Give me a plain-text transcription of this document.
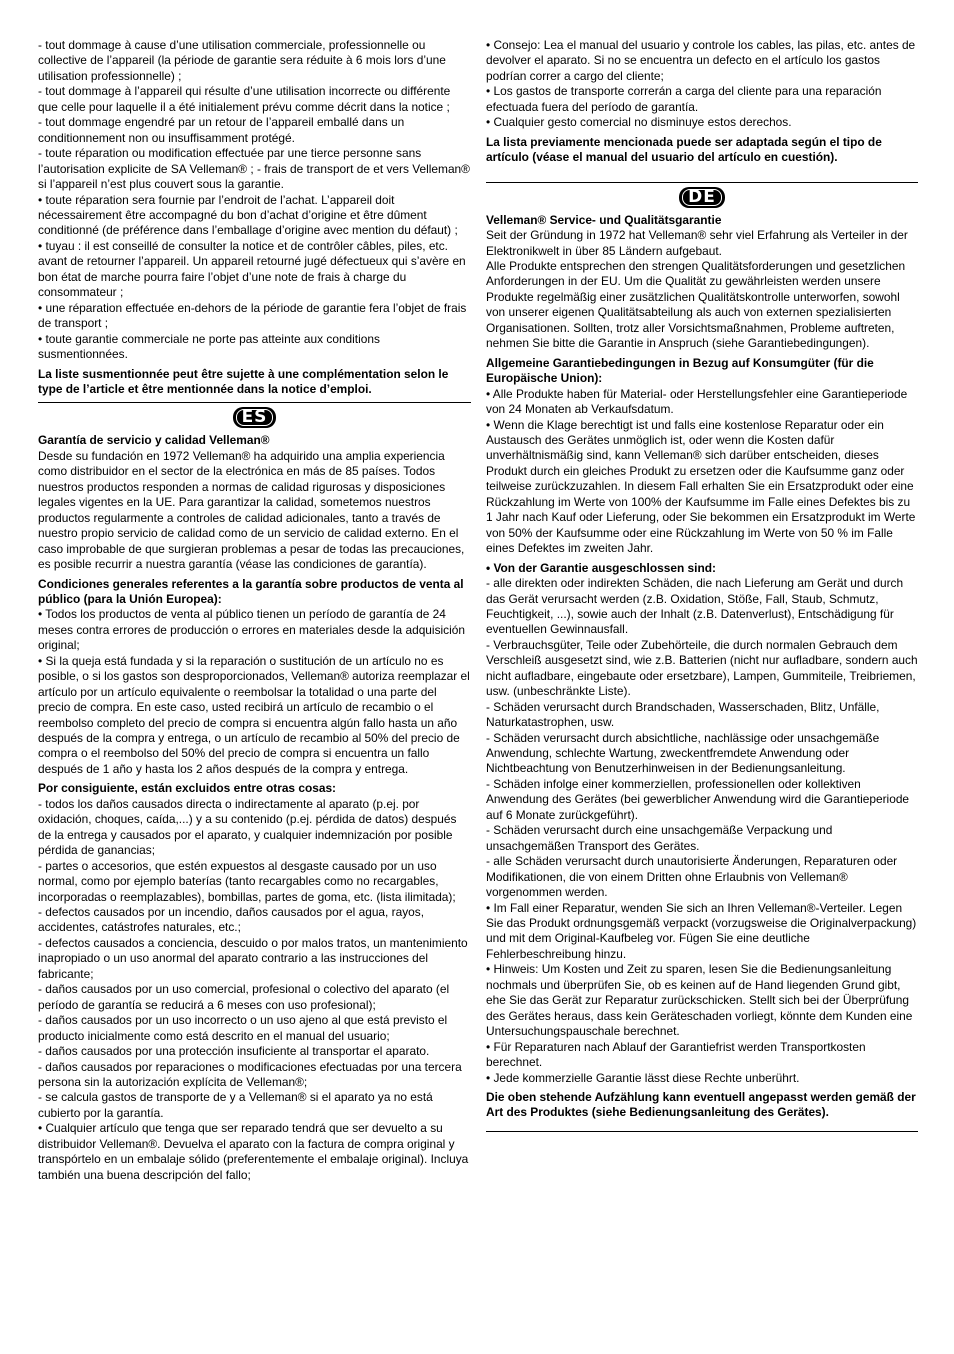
- tout dommage à cause d’une utilisation commerciale, professionnelle ou collective de l’appareil (la période de garantie sera réduite à 6 mois lors d’une utilisation professionnelle) ;

- tout dommage à l’appareil qui résulte d’une utilisation incorrecte ou différente que celle pour laquelle il a été initialement prévu comme décrit dans la notice ;

- tout dommage engendré par un retour de l’appareil emballé dans un conditionnement non ou insuffisamment protégé.

- toute réparation ou modification effectuée par une tierce personne sans l’autorisation explicite de SA Velleman® ; - frais de transport de et vers Velleman® si l’appareil n’est plus couvert sous la garantie.

• toute réparation sera fournie par l’endroit de l’achat. L’appareil doit nécessairement être accompagné du bon d’achat d’origine et être dûment conditionné (de préférence dans l’emballage d’origine avec mention du défaut) ;

• tuyau : il est conseillé de consulter la notice et de contrôler câbles, piles, etc. avant de retourner l’appareil. Un appareil retourné jugé défectueux qui s’avère en bon état de marche pourra faire l’objet d’une note de frais à charge du consommateur ;

• une réparation effectuée en-dehors de la période de garantie fera l’objet de frais de transport ;

• toute garantie commerciale ne porte pas atteinte aux conditions susmentionnées.

La liste susmentionnée peut être sujette à une complémentation selon le type de l’article et être mentionnée dans la notice d’emploi.

ES

Garantía de servicio y calidad Velleman®

Desde su fundación en 1972 Velleman® ha adquirido una amplia experiencia como distribuidor en el sector de la electrónica en más de 85 países. Todos nuestros productos responden a normas de calidad rigurosas y disposiciones legales vigentes en la UE. Para garantizar la calidad, sometemos nuestros productos regularmente a controles de calidad adicionales, tanto a través de nuestro propio servicio de calidad como de un servicio de calidad externo. En el caso improbable de que surgieran problemas a pesar de todas las precauciones, es posible recurrir a nuestra garantía (véase las condiciones de garantía).

Condiciones generales referentes a la garantía sobre productos de venta al público (para la Unión Europea):

• Todos los productos de venta al público tienen un período de garantía de 24 meses contra errores de producción o errores en materiales desde la adquisición original;

• Si la queja está fundada y si la reparación o sustitución de un artículo no es posible, o si los gastos son desproporcionados, Velleman® autoriza reemplazar el artículo por un artículo equivalente o reembolsar la totalidad o una parte del precio de compra. En este caso, usted recibirá un artículo de recambio o el reembolso completo del precio de compra si encuentra algún fallo hasta un año después de la compra y entrega, o un artículo de recambio al 50% del precio de compra o el reembolso del 50% del precio de compra si encuentra un fallo después de 1 año y hasta los 2 años después de la compra y entrega.

Por consiguiente, están excluidos entre otras cosas:

- todos los daños causados directa o indirectamente al aparato (p.ej. por oxidación, choques, caída,...) y a su contenido (p.ej. pérdida de datos) después de la entrega y causados por el aparato, y cualquier indemnización por posible pérdida de ganancias;

- partes o accesorios, que estén expuestos al desgaste causado por un uso normal, como por ejemplo baterías (tanto recargables como no recargables, incorporadas o reemplazables), bombillas, partes de goma, etc. (lista ilimitada);

- defectos causados por un incendio, daños causados por el agua, rayos, accidentes, catástrofes naturales, etc.;

- defectos causados a conciencia, descuido o por malos tratos, un mantenimiento inapropiado o un uso anormal del aparato contrario a las instrucciones del fabricante;

- daños causados por un uso comercial, profesional o colectivo del aparato (el período de garantía se reducirá a 6 meses con uso profesional);

- daños causados por un uso incorrecto o un uso ajeno al que está previsto el producto inicialmente como está descrito en el manual del usuario;

- daños causados por una protección insuficiente al transportar el aparato.

- daños causados por reparaciones o modificaciones efectuadas por una tercera persona sin la autorización explícita de Velleman®;

- se calcula gastos de transporte de y a Velleman® si el aparato ya no está cubierto por la garantía.

• Cualquier artículo que tenga que ser reparado tendrá que ser devuelto a su distribuidor Velleman®. Devuelva el aparato con la factura de compra original y transpórtelo en un embalaje sólido (preferentemente el embalaje original). Incluya también una buena descripción del fallo;

• Consejo: Lea el manual del usuario y controle los cables, las pilas, etc. antes de devolver el aparato. Si no se encuentra un defecto en el artículo los gastos podrían correr a cargo del cliente;

• Los gastos de transporte correrán a carga del cliente para una reparación efectuada fuera del período de garantía.

• Cualquier gesto comercial no disminuye estos derechos.

La lista previamente mencionada puede ser adaptada según el tipo de artículo (véase el manual del usuario del artículo en cuestión).

DE

Velleman® Service- und Qualitätsgarantie

Seit der Gründung in 1972 hat Velleman® sehr viel Erfahrung als Verteiler in der Elektronikwelt in über 85 Ländern aufgebaut.

Alle Produkte entsprechen den strengen Qualitätsforderungen und gesetzlichen Anforderungen in der EU. Um die Qualität zu gewährleisten werden unsere Produkte regelmäßig einer zusätzlichen Qualitätskontrolle unterworfen, sowohl von unserer eigenen Qualitätsabteilung als auch von externen spezialisierten Organisationen. Sollten, trotz aller Vorsichtsmaßnahmen, Probleme auftreten, nehmen Sie bitte die Garantie in Anspruch (siehe Garantiebedingungen).

Allgemeine Garantiebedingungen in Bezug auf Konsumgüter (für die Europäische Union):

• Alle Produkte haben für Material- oder Herstellungsfehler eine Garantieperiode von 24 Monaten ab Verkaufsdatum.

• Wenn die Klage berechtigt ist und falls eine kostenlose Reparatur oder ein Austausch des Gerätes unmöglich ist, oder wenn die Kosten dafür unverhältnismäßig sind, kann Velleman® sich darüber entscheiden, dieses Produkt durch ein gleiches Produkt zu ersetzen oder die Kaufsumme ganz oder teilweise zurückzuzahlen. In diesem Fall erhalten Sie ein Ersatzprodukt oder eine Rückzahlung im Werte von 100% der Kaufsumme im Falle eines Defektes bis zu 1 Jahr nach Kauf oder Lieferung, oder Sie bekommen ein Ersatzprodukt im Werte von 50% der Kaufsumme oder eine Rückzahlung im Werte von 50 % im Falle eines Defektes im zweiten Jahr.

• Von der Garantie ausgeschlossen sind:

- alle direkten oder indirekten Schäden, die nach Lieferung am Gerät und durch das Gerät verursacht werden (z.B. Oxidation, Stöße, Fall, Staub, Schmutz, Feuchtigkeit, ...), sowie auch der Inhalt (z.B. Datenverlust), Entschädigung für eventuellen Gewinnausfall.

- Verbrauchsgüter, Teile oder Zubehörteile, die durch normalen Gebrauch dem Verschleiß ausgesetzt sind, wie z.B. Batterien (nicht nur aufladbare, sondern auch nicht aufladbare, eingebaute oder ersetzbare), Lampen, Gummiteile, Treibriemen, usw. (unbeschränkte Liste).

- Schäden verursacht durch Brandschaden, Wasserschaden, Blitz, Unfälle, Naturkatastrophen, usw.

- Schäden verursacht durch absichtliche, nachlässige oder unsachgemäße Anwendung, schlechte Wartung, zweckentfremdete Anwendung oder Nichtbeachtung von Benutzerhinweisen in der Bedienungsanleitung.

- Schäden infolge einer kommerziellen, professionellen oder kollektiven Anwendung des Gerätes (bei gewerblicher Anwendung wird die Garantieperiode auf 6 Monate zurückgeführt).

- Schäden verursacht durch eine unsachgemäße Verpackung und unsachgemäßen Transport des Gerätes.

- alle Schäden verursacht durch unautorisierte Änderungen, Reparaturen oder Modifikationen, die von einem Dritten ohne Erlaubnis von Velleman® vorgenommen werden.

• Im Fall einer Reparatur, wenden Sie sich an Ihren Velleman®-Verteiler. Legen Sie das Produkt ordnungsgemäß verpackt (vorzugsweise die Originalverpackung) und mit dem Original-Kaufbeleg vor. Fügen Sie eine deutliche Fehlerbeschreibung hinzu.

• Hinweis: Um Kosten und Zeit zu sparen, lesen Sie die Bedienungsanleitung nochmals und überprüfen Sie, ob es keinen auf de Hand liegenden Grund gibt, ehe Sie das Gerät zur Reparatur zurückschicken. Stellt sich bei der Überprüfung des Gerätes heraus, dass kein Geräteschaden vorliegt, könnte dem Kunden eine Untersuchungspauschale berechnet.

• Für Reparaturen nach Ablauf der Garantiefrist werden Transportkosten berechnet.

• Jede kommerzielle Garantie lässt diese Rechte unberührt.

Die oben stehende Aufzählung kann eventuell angepasst werden gemäß der Art des Produktes (siehe Bedienungsanleitung des Gerätes).
